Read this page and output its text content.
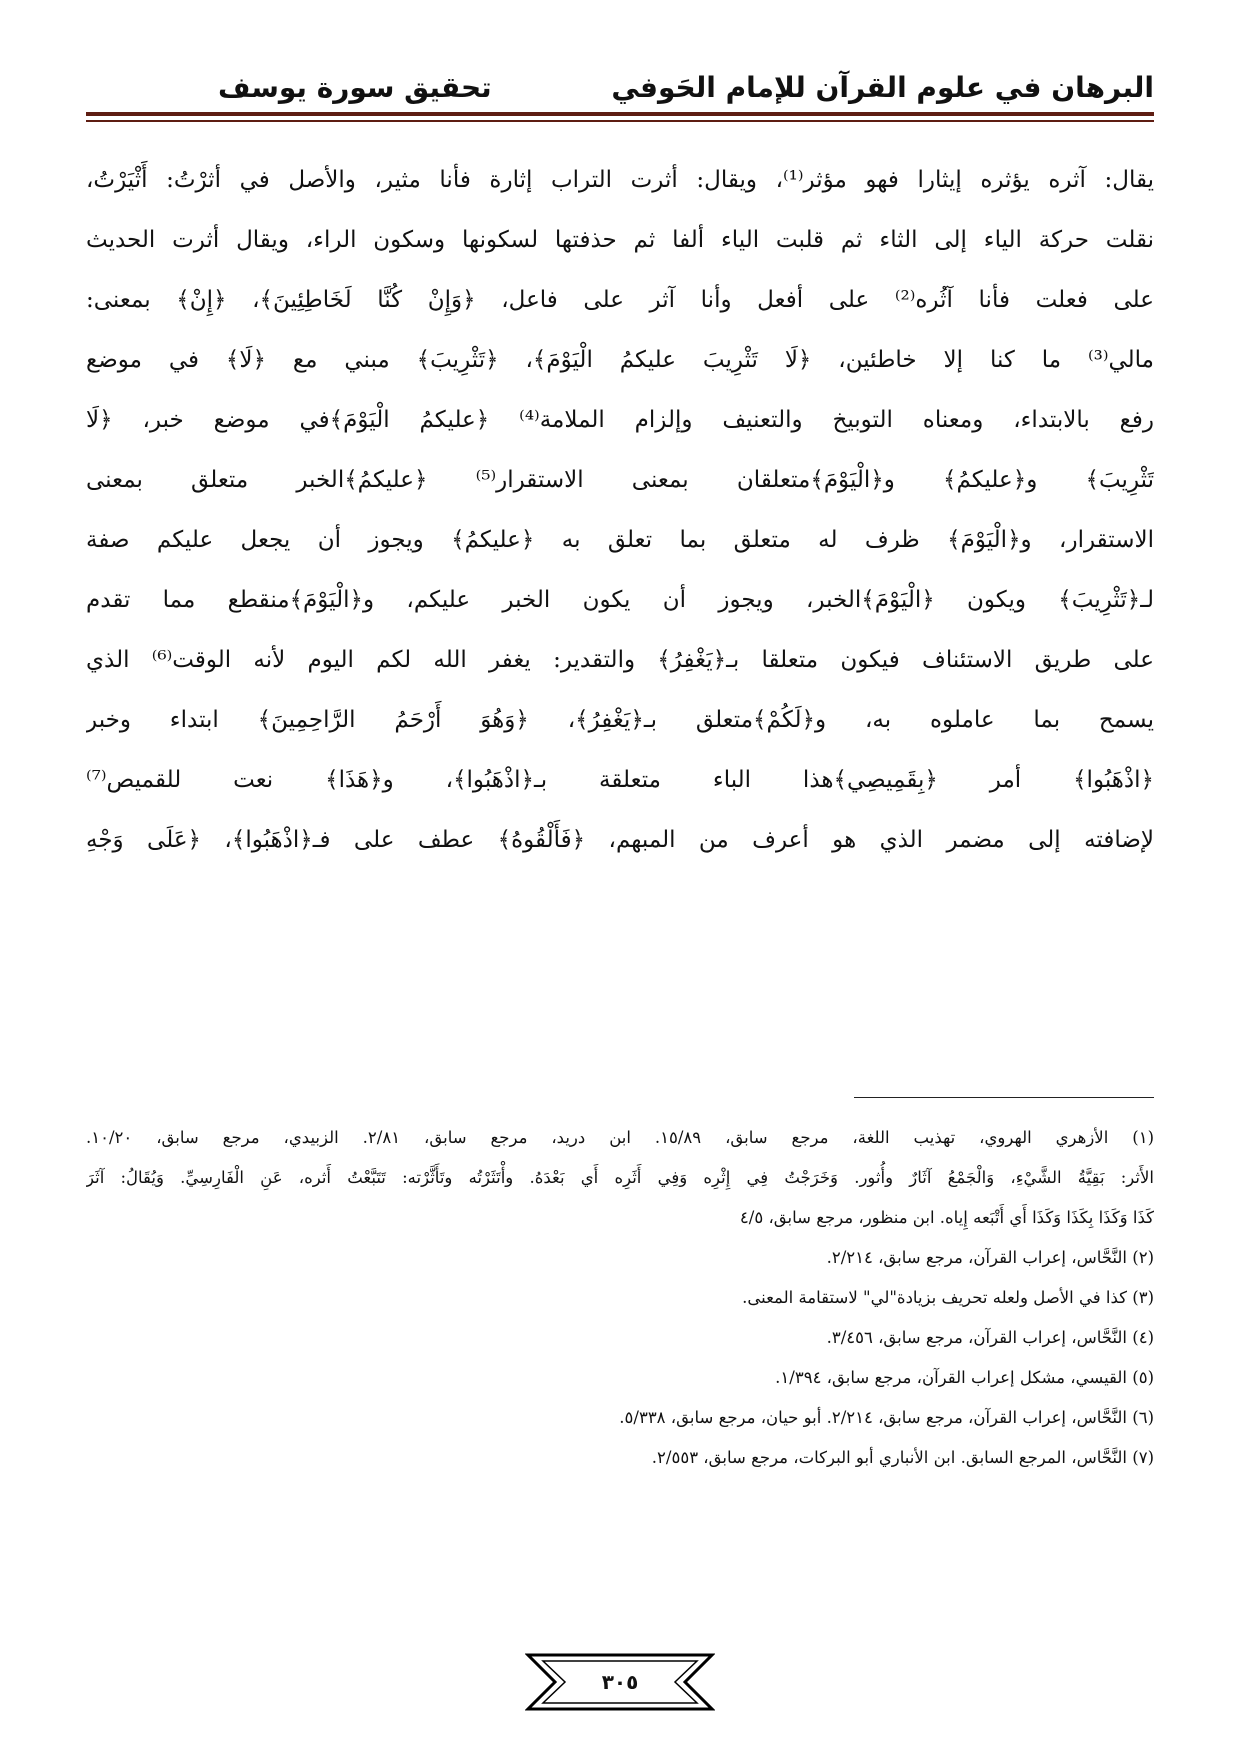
البرهان في علوم القرآن للإمام الحَوفي
تحقيق سورة يوسف
يقال: آثره يؤثره إيثارا فهو مؤثر⁽¹⁾، ويقال: أثرت التراب إثارة فأنا مثير، والأصل في أثرْتُ: أَثْيَرْتُ،
نقلت حركة الياء إلى الثاء ثم قلبت الياء ألفا ثم حذفتها لسكونها وسكون الراء، ويقال أثرت الحديث
على فعلت فأنا آثُره⁽²⁾ على أفعل وأنا آثر على فاعل، ﴿وَإِنْ كُنَّا لَخَاطِئِينَ﴾، ﴿إِنْ﴾ بمعنى:
مالي⁽³⁾ ما كنا إلا خاطئين، ﴿لَا تَثْرِيبَ عليكمُ الْيَوْمَ﴾، ﴿تَثْرِيبَ﴾ مبني مع ﴿لَا﴾ في موضع
رفع بالابتداء، ومعناه التوبيخ والتعنيف وإلزام الملامة⁽⁴⁾ ﴿عليكمُ الْيَوْمَ﴾في موضع خبر، ﴿لَا
تَثْرِيبَ﴾ و﴿عليكمُ﴾ و﴿الْيَوْمَ﴾متعلقان بمعنى الاستقرار⁽⁵⁾ ﴿عليكمُ﴾الخبر متعلق بمعنى
الاستقرار، و﴿الْيَوْمَ﴾ ظرف له متعلق بما تعلق به ﴿عليكمُ﴾ ويجوز أن يجعل عليكم صفة
لـ﴿تَثْرِيبَ﴾ ويكون ﴿الْيَوْمَ﴾الخبر، ويجوز أن يكون الخبر عليكم، و﴿الْيَوْمَ﴾منقطع مما تقدم
على طريق الاستئناف فيكون متعلقا بـ﴿يَغْفِرُ﴾ والتقدير: يغفر الله لكم اليوم لأنه الوقت⁽⁶⁾ الذي
يسمح بما عاملوه به، و﴿لَكُمْ﴾متعلق بـ﴿يَغْفِرُ﴾، ﴿وَهُوَ أَرْحَمُ الرَّاحِمِينَ﴾ ابتداء وخبر
﴿اذْهَبُوا﴾ أمر ﴿بِقَمِيصِي﴾هذا الباء متعلقة بـ﴿اذْهَبُوا﴾، و﴿هَذَا﴾ نعت للقميص⁽⁷⁾
لإضافته إلى مضمر الذي هو أعرف من المبهم، ﴿فَأَلْقُوهُ﴾ عطف على فـ﴿اذْهَبُوا﴾، ﴿عَلَى وَجْهِ
(١) الأزهري الهروي، تهذيب اللغة، مرجع سابق، ١٥/٨٩. ابن دريد، مرجع سابق، ٢/٨١. الزبيدي، مرجع سابق، ١٠/٢٠.
الأَثر: بَقِيَّةُ الشَّيْءِ، وَالْجَمْعُ آثَارٌ وأُثور. وَخَرَجْتُ فِي إِثْرِه وَفِي أَثَرِه أَي بَعْدَهُ. وأْتَثَرْتُه وتَأَثَّرْته: تَتَبَّعْتُ أَثره، عَنِ الْفَارِسِيِّ. وَيُقَالُ: آثَرَ
كَذَا وَكَذَا بِكَذَا وَكَذَا أَي أَتْبَعه إِياه. ابن منظور، مرجع سابق، ٤/٥
(٢) النَّحَّاس، إعراب القرآن، مرجع سابق، ٢/٢١٤.
(٣) كذا في الأصل ولعله تحريف بزيادة"لي" لاستقامة المعنى.
(٤) النَّحَّاس، إعراب القرآن، مرجع سابق، ٣/٤٥٦.
(٥) القيسي، مشكل إعراب القرآن، مرجع سابق، ١/٣٩٤.
(٦) النَّحَّاس، إعراب القرآن، مرجع سابق، ٢/٢١٤. أبو حيان، مرجع سابق، ٥/٣٣٨.
(٧) النَّحَّاس، المرجع السابق. ابن الأنباري أبو البركات، مرجع سابق، ٢/٥٥٣.
٣٠٥
